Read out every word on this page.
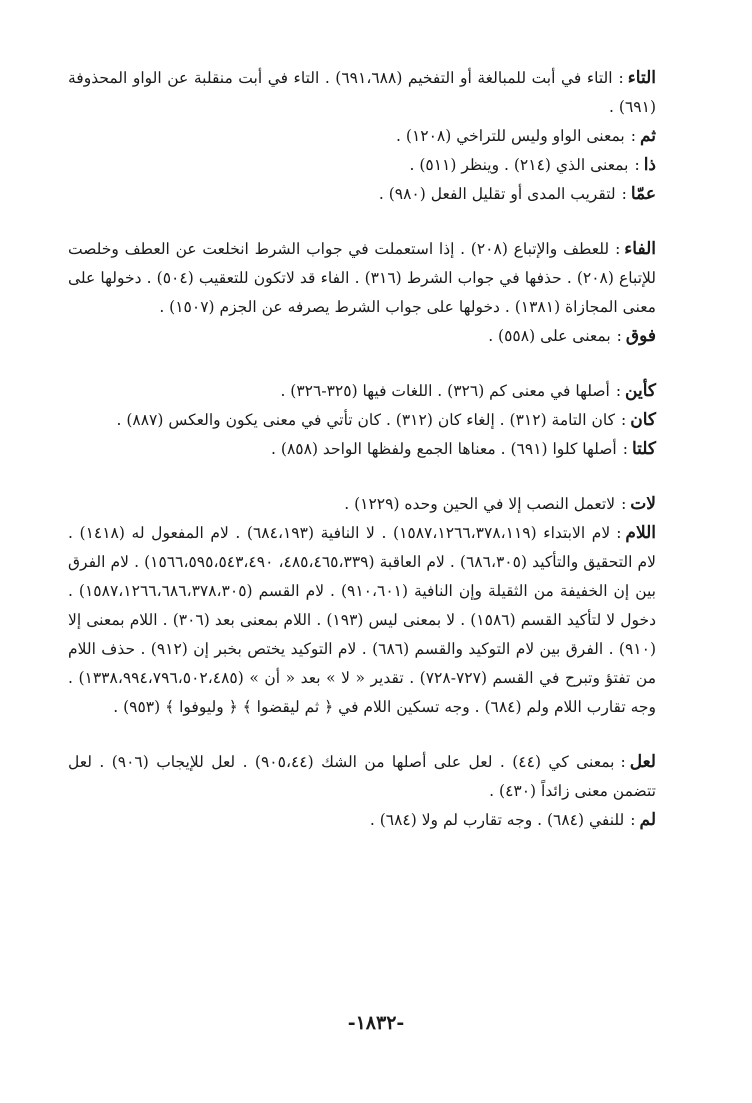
التاء:التاء في أبت للمبالغة أو التفخيم (٦٩١،٦٨٨) . التاء في أبت منقلبة عن الواو المحذوفة (٦٩١) .

ثم:بمعنى الواو وليس للتراخي (١٢٠٨) .

ذا:بمعنى الذي (٢١٤) . وينظر (٥١١) .

عمّا:لتقريب المدى أو تقليل الفعل (٩٨٠) .

الفاء:للعطف والإتباع (٢٠٨) . إذا استعملت في جواب الشرط انخلعت عن العطف وخلصت للإتباع (٢٠٨) . حذفها في جواب الشرط (٣١٦) . الفاء قد لاتكون للتعقيب (٥٠٤) . دخولها على معنى المجازاة (١٣٨١) . دخولها على جواب الشرط يصرفه عن الجزم (١٥٠٧) .

فوق:بمعنى على (٥٥٨) .

كأين:أصلها في معنى كم (٣٢٦) . اللغات فيها (٣٢٥-٣٢٦) .

كان:كان التامة (٣١٢) . إلغاء كان (٣١٢) . كان تأتي في معنى يكون والعكس (٨٨٧) .

كلتا:أصلها كلوا (٦٩١) . معناها الجمع ولفظها الواحد (٨٥٨) .

لات:لاتعمل النصب إلا في الحين وحده (١٢٢٩) .

اللام:لام الابتداء (١٥٨٧،١٢٦٦،٣٧٨،١١٩) . لا النافية (٦٨٤،١٩٣) . لام المفعول له (١٤١٨) . لام التحقيق والتأكيد (٦٨٦،٣٠٥) . لام العاقبة (٤٨٥،٤٦٥،٣٣٩، ١٥٦٦،٥٩٥،٥٤٣،٤٩٠) . لام الفرق بين إن الخفيفة من الثقيلة وإن النافية (٩١٠،٦٠١) . لام القسم (١٥٨٧،١٢٦٦،٦٨٦،٣٧٨،٣٠٥) . دخول لا لتأكيد القسم (١٥٨٦) . لا بمعنى ليس (١٩٣) . اللام بمعنى بعد (٣٠٦) . اللام بمعنى إلا (٩١٠) . الفرق بين لام التوكيد والقسم (٦٨٦) . لام التوكيد يختص بخبر إن (٩١٢) . حذف اللام من تفتؤ وتبرح في القسم (٧٢٧-٧٢٨) . تقدير « لا » بعد « أن » (١٣٣٨،٩٩٤،٧٩٦،٥٠٢،٤٨٥) . وجه تقارب اللام ولم (٦٨٤) . وجه تسكين اللام في ﴿ ثم ليقضوا ﴾ ﴿ وليوفوا ﴾ (٩٥٣) .

لعل:بمعنى كي (٤٤) . لعل على أصلها من الشك (٩٠٥،٤٤) . لعل للإيجاب (٩٠٦) . لعل تتضمن معنى زائداً (٤٣٠) .

لم:للنفي (٦٨٤) . وجه تقارب لم ولا (٦٨٤) .

-١٨٣٢-
